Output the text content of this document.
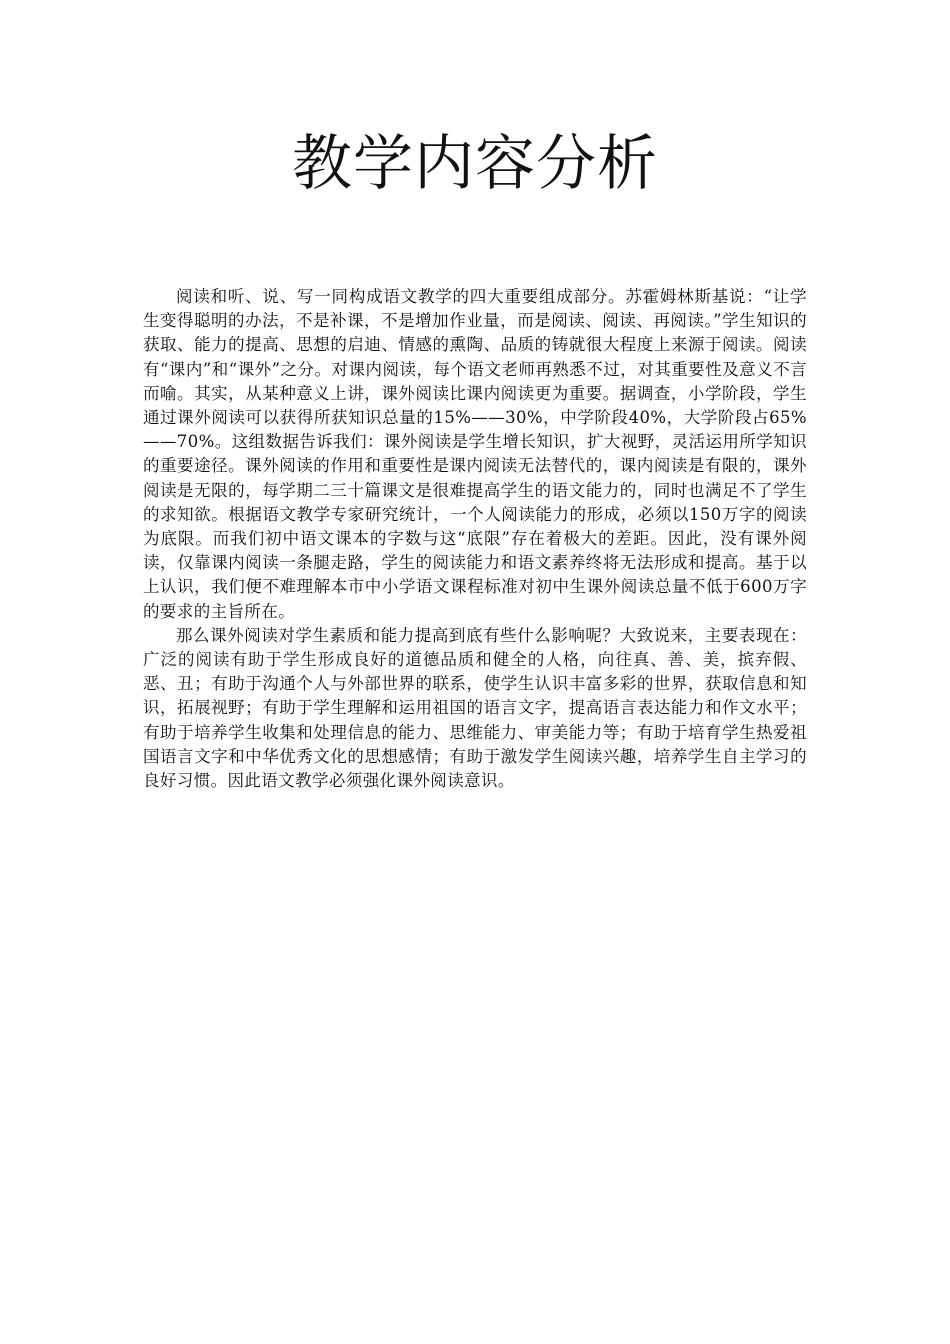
教学内容分析

阅读和听、说、写一同构成语文教学的四大重要组成部分。苏霍姆林斯基说：“让学生变得聪明的办法，不是补课，不是增加作业量，而是阅读、阅读、再阅读。”学生知识的获取、能力的提高、思想的启迪、情感的熏陶、品质的铸就很大程度上来源于阅读。阅读有“课内”和“课外”之分。对课内阅读，每个语文老师再熟悉不过，对其重要性及意义不言而喻。其实，从某种意义上讲，课外阅读比课内阅读更为重要。据调查，小学阶段，学生通过课外阅读可以获得所获知识总量的15%——30%，中学阶段40%，大学阶段占65%——70%。这组数据告诉我们：课外阅读是学生增长知识，扩大视野，灵活运用所学知识的重要途径。课外阅读的作用和重要性是课内阅读无法替代的，课内阅读是有限的，课外阅读是无限的，每学期二三十篇课文是很难提高学生的语文能力的，同时也满足不了学生的求知欲。根据语文教学专家研究统计，一个人阅读能力的形成，必须以150万字的阅读为底限。而我们初中语文课本的字数与这“底限”存在着极大的差距。因此，没有课外阅读，仅靠课内阅读一条腿走路，学生的阅读能力和语文素养终将无法形成和提高。基于以上认识，我们便不难理解本市中小学语文课程标准对初中生课外阅读总量不低于600万字的要求的主旨所在。

那么课外阅读对学生素质和能力提高到底有些什么影响呢？大致说来，主要表现在：广泛的阅读有助于学生形成良好的道德品质和健全的人格，向往真、善、美，摈弃假、恶、丑；有助于沟通个人与外部世界的联系，使学生认识丰富多彩的世界，获取信息和知识，拓展视野；有助于学生理解和运用祖国的语言文字，提高语言表达能力和作文水平；有助于培养学生收集和处理信息的能力、思维能力、审美能力等；有助于培育学生热爱祖国语言文字和中华优秀文化的思想感情；有助于激发学生阅读兴趣，培养学生自主学习的良好习惯。因此语文教学必须强化课外阅读意识。
